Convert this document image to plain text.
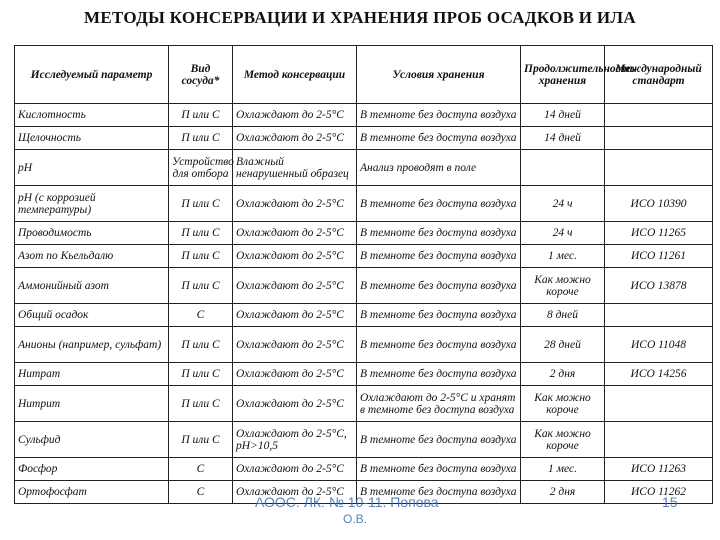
МЕТОДЫ КОНСЕРВАЦИИ И ХРАНЕНИЯ ПРОБ ОСАДКОВ И ИЛА
Исследуемый параметр	Вид сосуда*	Метод консервации	Условия хранения	Продолжительность хранения	Международный стандарт
Кислотность	П или С	Охлаждают до 2-5°С	В темноте без доступа воздуха	14 дней	
Щелочность	П или С	Охлаждают до 2-5°С	В темноте без доступа воздуха	14 дней	
pH	Устройство для отбора	Влажный ненарушенный образец	Анализ проводят в поле		
pH (с коррозией температуры)	П или С	Охлаждают до 2-5°С	В темноте без доступа воздуха	24 ч	ИСО 10390
Проводимость	П или С	Охлаждают до 2-5°С	В темноте без доступа воздуха	24 ч	ИСО 11265
Азот по Кьельдалю	П или С	Охлаждают до 2-5°С	В темноте без доступа воздуха	1 мес.	ИСО 11261
Аммонийный азот	П или С	Охлаждают до 2-5°С	В темноте без доступа воздуха	Как можно короче	ИСО 13878
Общий осадок	С	Охлаждают до 2-5°С	В темноте без доступа воздуха	8 дней	
Анионы (например, сульфат)	П или С	Охлаждают до 2-5°С	В темноте без доступа воздуха	28 дней	ИСО 11048
Нитрат	П или С	Охлаждают до 2-5°С	В темноте без доступа воздуха	2 дня	ИСО 14256
Нитрит	П или С	Охлаждают до 2-5°С	Охлаждают до 2-5°С и хранят в темноте без доступа воздуха	Как можно короче	
Сульфид	П или С	Охлаждают до 2-5°С, pH>10,5	В темноте без доступа воздуха	Как можно короче	
Фосфор	С	Охлаждают до 2-5°С	В темноте без доступа воздуха	1 мес.	ИСО 11263
Ортофосфат	С	Охлаждают до 2-5°С	В темноте без доступа воздуха	2 дня	ИСО 11262
АООС. ЛК. № 10-11. Попова
О.В.
15
